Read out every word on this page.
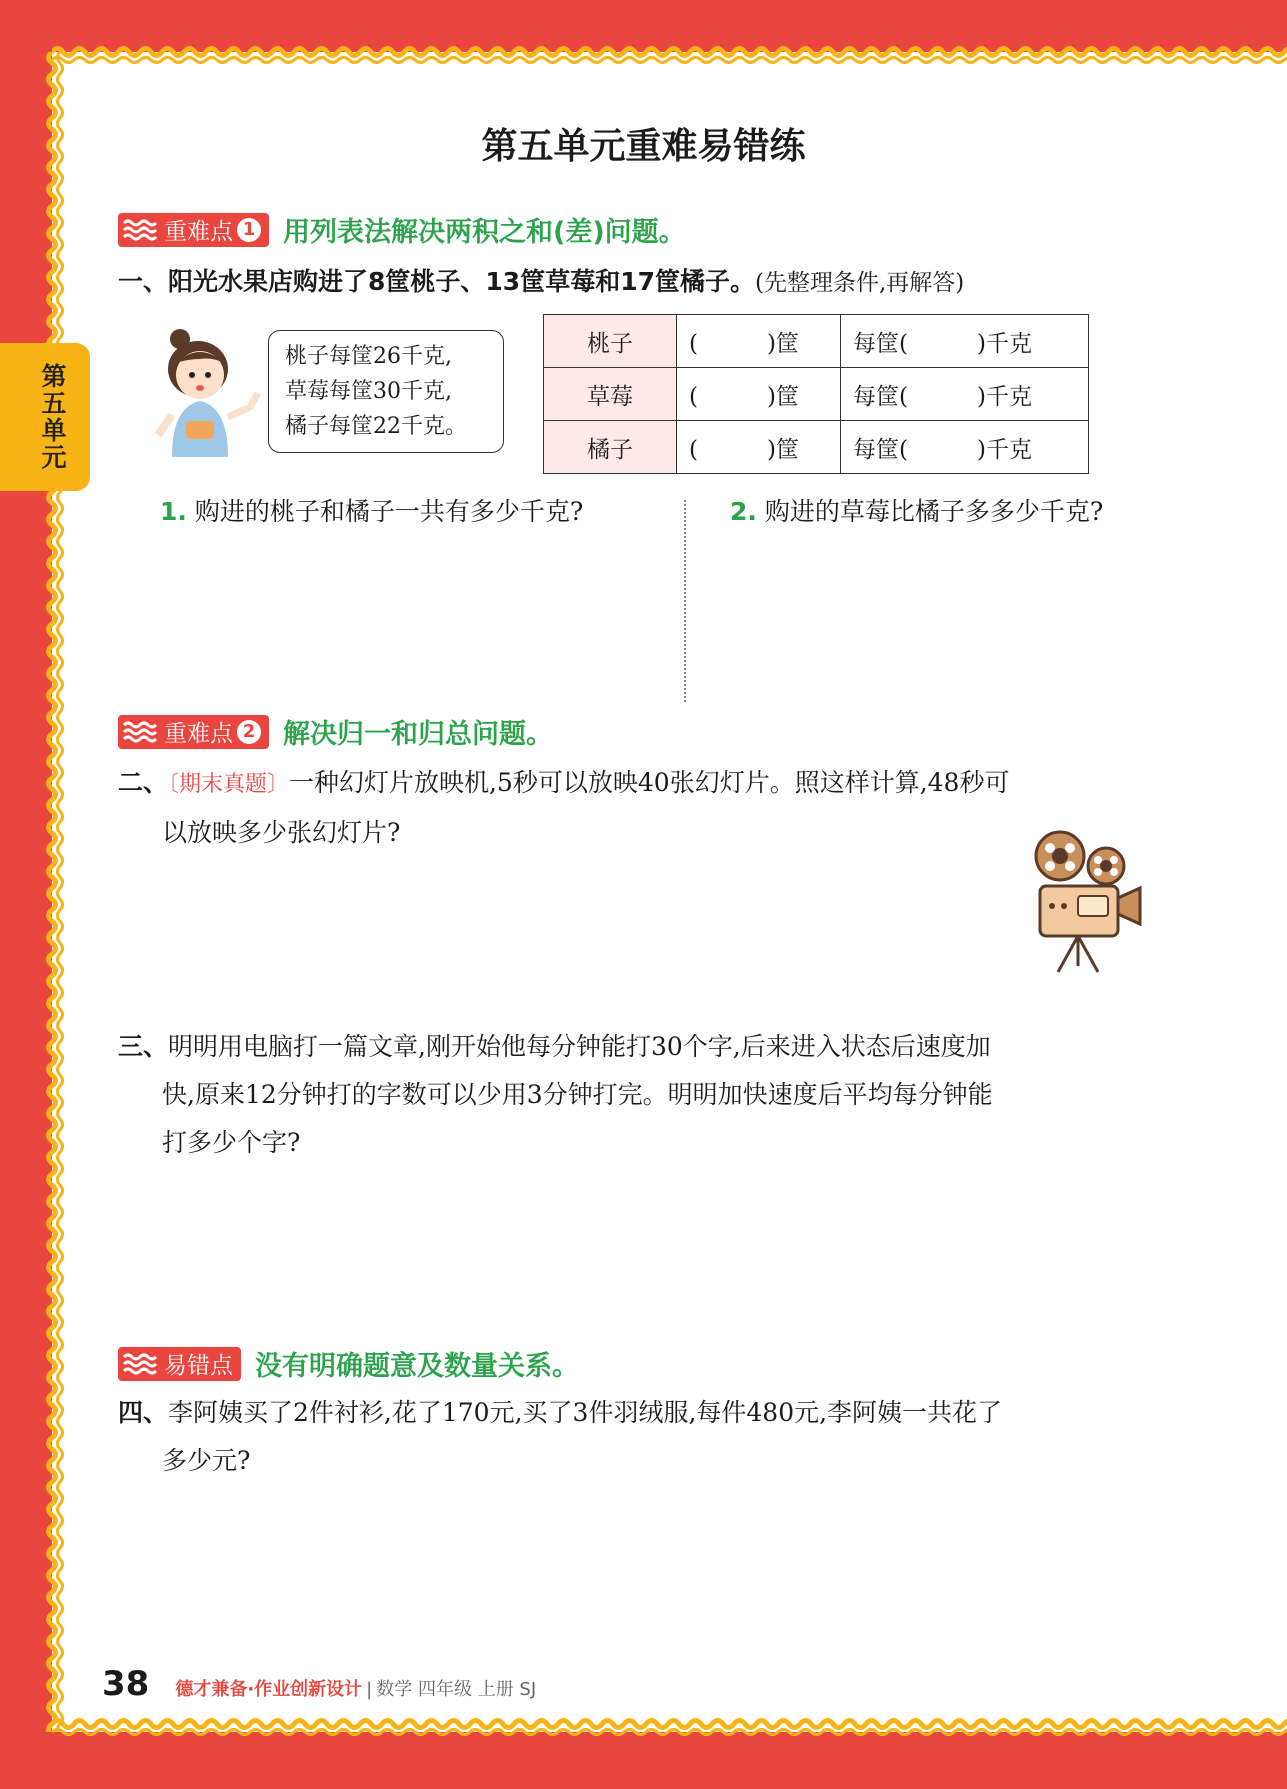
第五单元
第五单元重难易错练
重难点 1 用列表法解决两积之和(差)问题。
一、阳光水果店购进了8筐桃子、13筐草莓和17筐橘子。(先整理条件,再解答)
桃子每筐26千克,
草莓每筐30千克,
橘子每筐22千克。
桃子	(　　　)筐	每筐(　　　)千克
草莓	(　　　)筐	每筐(　　　)千克
橘子	(　　　)筐	每筐(　　　)千克
1. 购进的桃子和橘子一共有多少千克?	2. 购进的草莓比橘子多多少千克?
重难点 2 解决归一和归总问题。
二、〔期末真题〕一种幻灯片放映机,5秒可以放映40张幻灯片。照这样计算,48秒可
以放映多少张幻灯片?
三、明明用电脑打一篇文章,刚开始他每分钟能打30个字,后来进入状态后速度加
快,原来12分钟打的字数可以少用3分钟打完。明明加快速度后平均每分钟能
打多少个字?
易错点 没有明确题意及数量关系。
四、李阿姨买了2件衬衫,花了170元,买了3件羽绒服,每件480元,李阿姨一共花了
多少元?
38 德才兼备·作业创新设计 | 数学 四年级 上册 SJ
